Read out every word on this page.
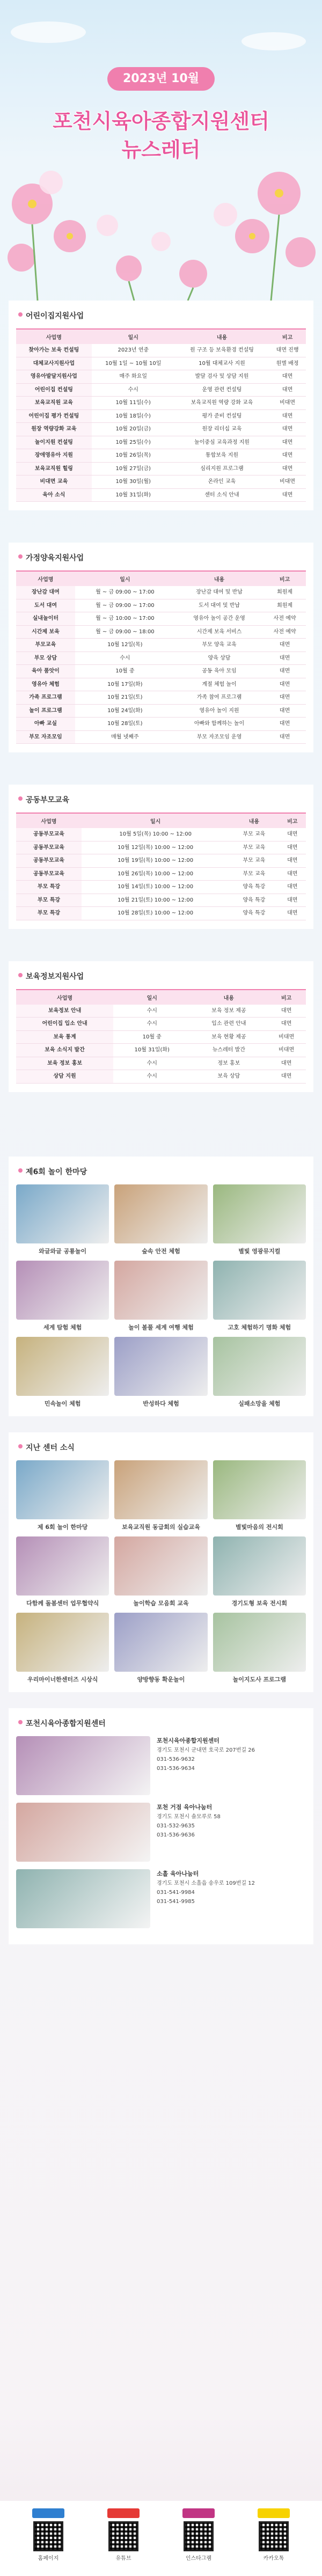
2023년 10월
포천시육아종합지원센터
뉴스레터
어린이집지원사업
사업명	일시	내용	비고
찾아가는 보육 컨설팅	2023년 연중	원 구조 등 보육환경 컨설팅	대면 진행
대체교사지원사업	10월 1일 ~ 10월 10일	10월 대체교사 지원	원별 배정
영유아발달지원사업	매주 화요일	발달 검사 및 상담 지원	대면
어린이집 컨설팅	수시	운영 관련 컨설팅	대면
보육교직원 교육	10월 11일(수)	보육교직원 역량 강화 교육	비대면
어린이집 평가 컨설팅	10월 18일(수)	평가 준비 컨설팅	대면
원장 역량강화 교육	10월 20일(금)	원장 리더십 교육	대면
놀이지원 컨설팅	10월 25일(수)	놀이중심 교육과정 지원	대면
장애영유아 지원	10월 26일(목)	통합보육 지원	대면
보육교직원 힐링	10월 27일(금)	심리지원 프로그램	대면
비대면 교육	10월 30일(월)	온라인 교육	비대면
육아 소식	10월 31일(화)	센터 소식 안내	대면
가정양육지원사업
사업명	일시	내용	비고
장난감 대여	월 ~ 금 09:00 ~ 17:00	장난감 대여 및 반납	회원제
도서 대여	월 ~ 금 09:00 ~ 17:00	도서 대여 및 반납	회원제
실내놀이터	월 ~ 금 10:00 ~ 17:00	영유아 놀이 공간 운영	사전 예약
시간제 보육	월 ~ 금 09:00 ~ 18:00	시간제 보육 서비스	사전 예약
부모교육	10월 12일(목)	부모 양육 교육	대면
부모 상담	수시	양육 상담	대면
육아 품앗이	10월 중	공동 육아 모임	대면
영유아 체험	10월 17일(화)	계절 체험 놀이	대면
가족 프로그램	10월 21일(토)	가족 참여 프로그램	대면
놀이 프로그램	10월 24일(화)	영유아 놀이 지원	대면
아빠 교실	10월 28일(토)	아빠와 함께하는 놀이	대면
부모 자조모임	매월 넷째주	부모 자조모임 운영	대면
공동부모교육
사업명	일시	내용	비고
공동부모교육	10월 5일(목) 10:00 ~ 12:00	부모 교육	대면
공동부모교육	10월 12일(목) 10:00 ~ 12:00	부모 교육	대면
공동부모교육	10월 19일(목) 10:00 ~ 12:00	부모 교육	대면
공동부모교육	10월 26일(목) 10:00 ~ 12:00	부모 교육	대면
부모 특강	10월 14일(토) 10:00 ~ 12:00	양육 특강	대면
부모 특강	10월 21일(토) 10:00 ~ 12:00	양육 특강	대면
부모 특강	10월 28일(토) 10:00 ~ 12:00	양육 특강	대면
보육정보지원사업
사업명	일시	내용	비고
보육정보 안내	수시	보육 정보 제공	대면
어린이집 입소 안내	수시	입소 관련 안내	대면
보육 통계	10월 중	보육 현황 제공	비대면
보육 소식지 발간	10월 31일(화)	뉴스레터 발간	비대면
보육 정보 홍보	수시	정보 홍보	대면
상담 지원	수시	보육 상담	대면
제6회 놀이 한마당
와글와글 공룡놀이	숲속 안전 체험	별빛 영광뮤지컬
세계 탐험 체험	놀이 볼풀 세계 여행 체험	고호 체험하기 명화 체험
민속놀이 체험	반성하다 체험	실패소망을 체험
지난 센터 소식
제 6회 놀이 한마당	보육교직원 동급회의 실습교육	별빛마음의 전시회
다함께 돌봄센터 업무협약식	놀이학습 모음회 교육	경기도형 보육 전시회
우리마이너한센터즈 시상식	양방향동 확운놀이	놀이지도사 프로그램
포천시육아종합지원센터
포천시육아종합지원센터
경기도 포천시 군내면 호국로 207번길 26
031-536-9632
031-536-9634
포천 거점 육아나눔터
경기도 포천시 솔모루로 58
031-532-9635
031-536-9636
소흘 육아나눔터
경기도 포천시 소흘읍 송우로 109번길 12
031-541-9984
031-541-9985
홈페이지	유튜브	인스타그램	카카오톡
